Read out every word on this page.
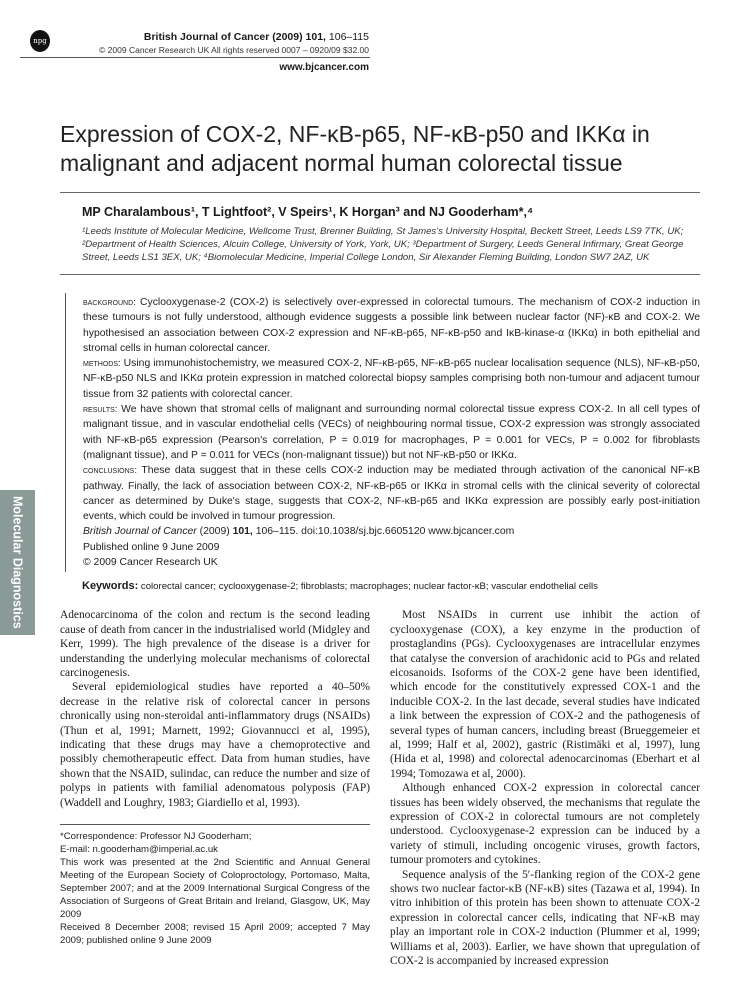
npg	British Journal of Cancer (2009) 101, 106–115
© 2009 Cancer Research UK All rights reserved 0007 – 0920/09 $32.00
www.bjcancer.com
Molecular Diagnostics
Expression of COX-2, NF-κB-p65, NF-κB-p50 and IKKα in malignant and adjacent normal human colorectal tissue
MP Charalambous¹, T Lightfoot², V Speirs¹, K Horgan³ and NJ Gooderham*,⁴
¹Leeds Institute of Molecular Medicine, Wellcome Trust, Brenner Building, St James's University Hospital, Beckett Street, Leeds LS9 7TK, UK; ²Department of Health Sciences, Alcuin College, University of York, York, UK; ³Department of Surgery, Leeds General Infirmary, Great George Street, Leeds LS1 3EX, UK; ⁴Biomolecular Medicine, Imperial College London, Sir Alexander Fleming Building, London SW7 2AZ, UK
background: Cyclooxygenase-2 (COX-2) is selectively over-expressed in colorectal tumours. The mechanism of COX-2 induction in these tumours is not fully understood, although evidence suggests a possible link between nuclear factor (NF)-κB and COX-2. We hypothesised an association between COX-2 expression and NF-κB-p65, NF-κB-p50 and IκB-kinase-α (IKKα) in both epithelial and stromal cells in human colorectal cancer.
methods: Using immunohistochemistry, we measured COX-2, NF-κB-p65, NF-κB-p65 nuclear localisation sequence (NLS), NF-κB-p50, NF-κB-p50 NLS and IKKα protein expression in matched colorectal biopsy samples comprising both non-tumour and adjacent tumour tissue from 32 patients with colorectal cancer.
results: We have shown that stromal cells of malignant and surrounding normal colorectal tissue express COX-2. In all cell types of malignant tissue, and in vascular endothelial cells (VECs) of neighbouring normal tissue, COX-2 expression was strongly associated with NF-κB-p65 expression (Pearson's correlation, P = 0.019 for macrophages, P = 0.001 for VECs, P = 0.002 for fibroblasts (malignant tissue), and P = 0.011 for VECs (non-malignant tissue)) but not NF-κB-p50 or IKKα.
conclusions: These data suggest that in these cells COX-2 induction may be mediated through activation of the canonical NF-κB pathway. Finally, the lack of association between COX-2, NF-κB-p65 or IKKα in stromal cells with the clinical severity of colorectal cancer as determined by Duke's stage, suggests that COX-2, NF-κB-p65 and IKKα expression are possibly early post-initiation events, which could be involved in tumour progression.
British Journal of Cancer (2009) 101, 106–115. doi:10.1038/sj.bjc.6605120 www.bjcancer.com
Published online 9 June 2009
© 2009 Cancer Research UK
Keywords: colorectal cancer; cyclooxygenase-2; fibroblasts; macrophages; nuclear factor-κB; vascular endothelial cells

Adenocarcinoma of the colon and rectum is the second leading cause of death from cancer in the industrialised world (Midgley and Kerr, 1999). The high prevalence of the disease is a driver for understanding the underlying molecular mechanisms of colorectal carcinogenesis.

Several epidemiological studies have reported a 40–50% decrease in the relative risk of colorectal cancer in persons chronically using non-steroidal anti-inflammatory drugs (NSAIDs) (Thun et al, 1991; Marnett, 1992; Giovannucci et al, 1995), indicating that these drugs may have a chemoprotective and possibly chemotherapeutic effect. Data from human studies, have shown that the NSAID, sulindac, can reduce the number and size of polyps in patients with familial adenomatous polyposis (FAP) (Waddell and Loughry, 1983; Giardiello et al, 1993).

*Correspondence: Professor NJ Gooderham;
E-mail: n.gooderham@imperial.ac.uk
This work was presented at the 2nd Scientific and Annual General Meeting of the European Society of Coloproctology, Portomaso, Malta, September 2007; and at the 2009 International Surgical Congress of the Association of Surgeons of Great Britain and Ireland, Glasgow, UK, May 2009
Received 8 December 2008; revised 15 April 2009; accepted 7 May 2009; published online 9 June 2009

Most NSAIDs in current use inhibit the action of cyclooxygenase (COX), a key enzyme in the production of prostaglandins (PGs). Cyclooxygenases are intracellular enzymes that catalyse the conversion of arachidonic acid to PGs and related eicosanoids. Isoforms of the COX-2 gene have been identified, which encode for the constitutively expressed COX-1 and the inducible COX-2. In the last decade, several studies have indicated a link between the expression of COX-2 and the pathogenesis of several types of human cancers, including breast (Brueggemeier et al, 1999; Half et al, 2002), gastric (Ristimäki et al, 1997), lung (Hida et al, 1998) and colorectal adenocarcinomas (Eberhart et al 1994; Tomozawa et al, 2000).

Although enhanced COX-2 expression in colorectal cancer tissues has been widely observed, the mechanisms that regulate the expression of COX-2 in colorectal tumours are not completely understood. Cyclooxygenase-2 expression can be induced by a variety of stimuli, including oncogenic viruses, growth factors, tumour promoters and cytokines.

Sequence analysis of the 5′-flanking region of the COX-2 gene shows two nuclear factor-κB (NF-κB) sites (Tazawa et al, 1994). In vitro inhibition of this protein has been shown to attenuate COX-2 expression in colorectal cancer cells, indicating that NF-κB may play an important role in COX-2 induction (Plummer et al, 1999; Williams et al, 2003). Earlier, we have shown that upregulation of COX-2 is accompanied by increased expression
